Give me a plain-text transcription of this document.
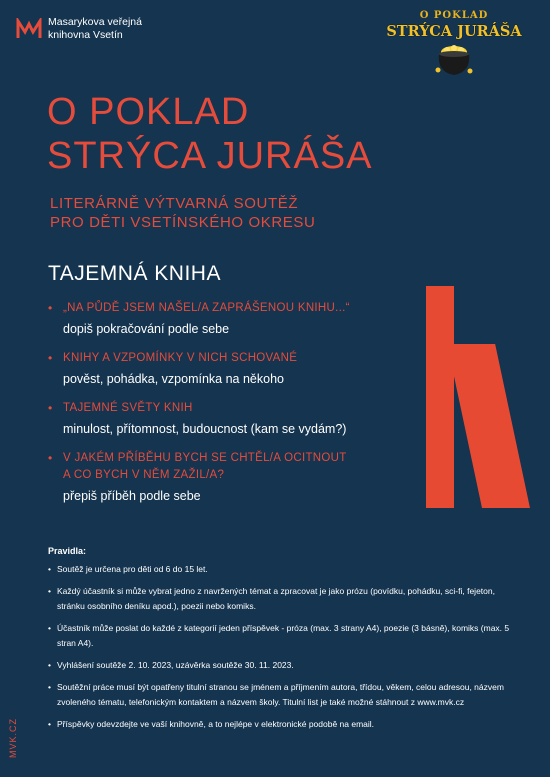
Masarykova veřejná
knihovna Vsetín
O POKLAD
STRÝCA JURÁŠA
O POKLAD
STRÝCA JURÁŠA
LITERÁRNĚ VÝTVARNÁ SOUTĚŽ
PRO DĚTI VSETÍNSKÉHO OKRESU
TAJEMNÁ KNIHA
• „NA PŮDĚ JSEM NAŠEL/A ZAPRÁŠENOU KNIHU...“
dopiš pokračování podle sebe
• KNIHY A VZPOMÍNKY V NICH SCHOVANÉ
pověst, pohádka, vzpomínka na někoho
• TAJEMNÉ SVĚTY KNIH
minulost, přítomnost, budoucnost (kam se vydám?)
• V JAKÉM PŘÍBĚHU BYCH SE CHTĚL/A OCITNOUT
A CO BYCH V NĚM ZAŽIL/A?
přepiš příběh podle sebe
Pravidla:
• Soutěž je určena pro děti od 6 do 15 let.
• Každý účastník si může vybrat jedno z navržených témat a zpracovat je jako prózu (povídku, pohádku, sci-fi, fejeton, stránku osobního deníku apod.), poezii nebo komiks.
• Účastník může poslat do každé z kategorií jeden příspěvek - próza (max. 3 strany A4), poezie (3 básně), komiks (max. 5 stran A4).
• Vyhlášení soutěže 2. 10. 2023, uzávěrka soutěže 30. 11. 2023.
• Soutěžní práce musí být opatřeny titulní stranou se jménem a příjmením autora, třídou, věkem, celou adresou, názvem zvoleného tématu, telefonickým kontaktem a názvem školy. Titulní list je také možné stáhnout z www.mvk.cz
• Příspěvky odevzdejte ve vaší knihovně, a to nejlépe v elektronické podobě na email.
MVK.CZ
